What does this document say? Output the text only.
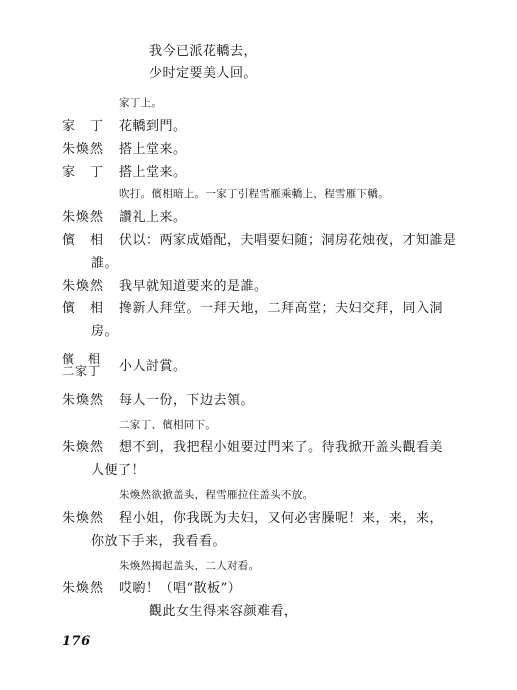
我今已派花轎去，
少时定要美人回。
家丁上。
家　丁 花轎到門。
朱煥然 搭上堂来。
家　丁 搭上堂来。
吹打。儐相暗上。一家丁引程雪雁乘轎上，程雪雁下轎。
朱煥然 讚礼上来。
儐　相 伏以：两家成婚配，夫唱要妇随；洞房花烛夜，才知誰是
誰。
朱煥然 我早就知道要来的是誰。
儐　相 搀新人拜堂。一拜天地，二拜高堂；夫妇交拜，同入洞
房。
儐　相
二家丁 小人討賞。
朱煥然 每人一份，下边去領。
二家丁、儐相同下。
朱煥然 想不到，我把程小姐要过門来了。待我掀开盖头觀看美
人便了！
朱煥然欲掀盖头，程雪雁拉住盖头不放。
朱煥然 程小姐，你我既为夫妇，又何必害臊呢！来，来，来，
你放下手来，我看看。
朱煥然揭起盖头，二人对看。
朱煥然 哎喲！（唱“散板”）
觀此女生得来容颜难看，
176
